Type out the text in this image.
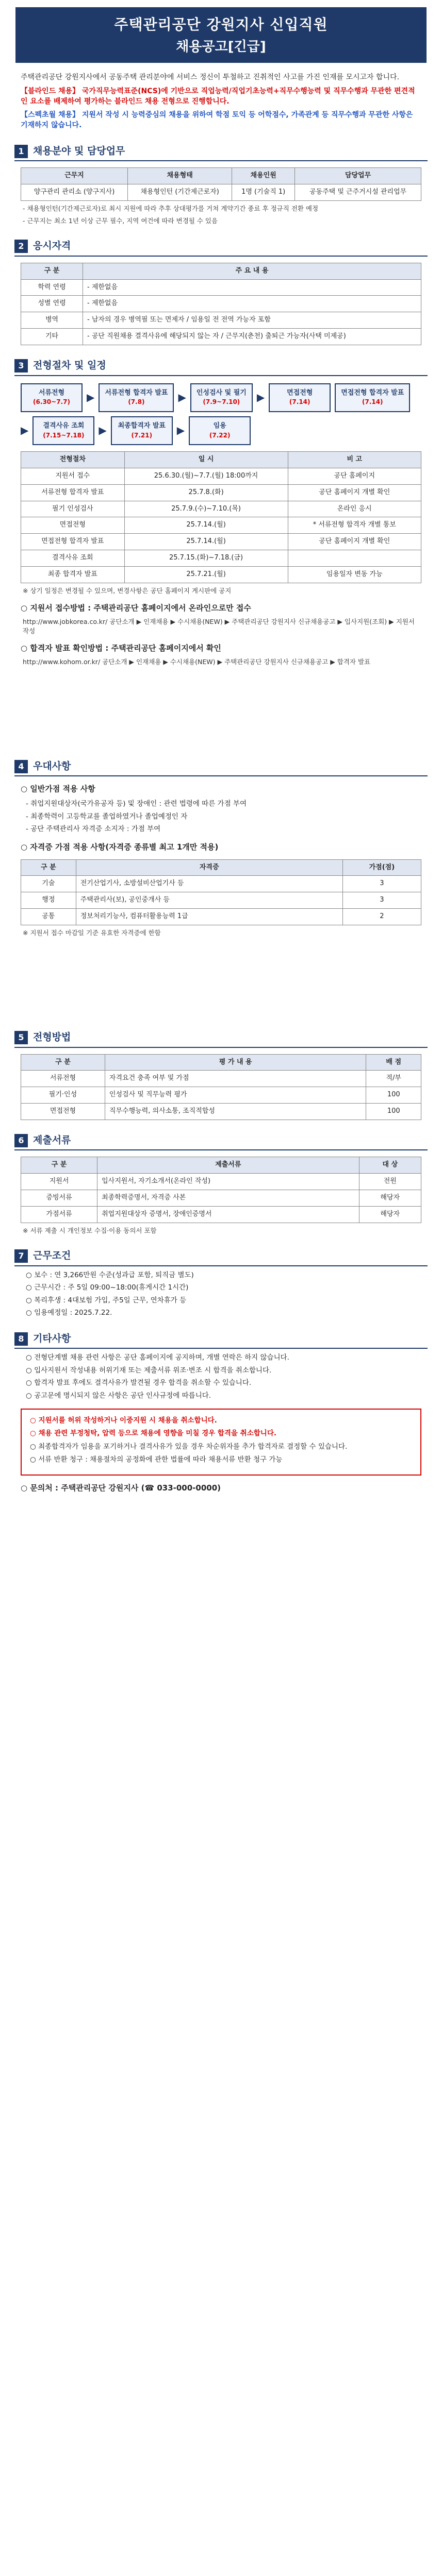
주택관리공단 강원지사 신입직원
채용공고[긴급]

주택관리공단 강원지사에서 공동주택 관리분야에 서비스 정신이 투철하고 진취적인 사고를 가진 인재를 모시고자 합니다.

【블라인드 채용】 국가직무능력표준(NCS)에 기반으로 직업능력/직업기초능력+직무수행능력 및 직무수행과 무관한 편견적인 요소를 배제하여 평가하는 블라인드 채용 전형으로 진행합니다.

【스펙초월 채용】 지원서 작성 시 능력중심의 채용을 위하여 학점 토익 등 어학점수, 가족관계 등 직무수행과 무관한 사항은 기재하지 않습니다.

1 채용분야 및 담당업무
근무지	채용형태	채용인원	담당업무
양구관리 관리소 (양구지사)	채용형인턴 (기간제근로자)	1명 (기술직 1)	공동주택 및 근주거시설 관리업무
- 채용형인턴(기간제근로자)로 최시 지원에 따라 추후 상대평가를 거쳐 계약기간 종료 후 정규직 전환 예정
- 근무지는 최소 1년 이상 근무 필수, 지역 여건에 따라 변경될 수 있음
2 응시자격
구 분	주 요 내 용
학력 연령	- 제한없음
성별 연령	- 제한없음
병역	- 남자의 경우 병역필 또는 면제자 / 임용일 전 전역 가능자 포함
기타	- 공단 직원채용 결격사유에 해당되지 않는 자 / 근무지(춘천) 출퇴근 가능자(사택 미제공)
3 전형절차 및 일정
서류전형
(6.30~7.7)	▶	서류전형 합격자 발표
(7.8)	▶	인성검사 및 필기
(7.9~7.10)	▶	면접전형
(7.14)
면접전형 합격자 발표
(7.14)
▶	결격사유 조회
(7.15~7.18)	▶	최종합격자 발표
(7.21)	▶	임용
(7.22)
전형절차	일 시	비 고
지원서 접수	25.6.30.(월)~7.7.(월) 18:00까지	공단 홈페이지
서류전형 합격자 발표	25.7.8.(화)	공단 홈페이지 개별 확인
필기 인성검사	25.7.9.(수)~7.10.(목)	온라인 응시
면접전형	25.7.14.(월)	* 서류전형 합격자 개별 통보
면접전형 합격자 발표	25.7.14.(월)	공단 홈페이지 개별 확인
결격사유 조회	25.7.15.(화)~7.18.(금)	
최종 합격자 발표	25.7.21.(월)	임용일자 변동 가능
※ 상기 일정은 변경될 수 있으며, 변경사항은 공단 홈페이지 게시판에 공지
○ 지원서 접수방법 : 주택관리공단 홈페이지에서 온라인으로만 접수
http://www.jobkorea.co.kr/ 공단소개 ▶ 인재채용 ▶ 수시채용(NEW) ▶ 주택관리공단 강원지사 신규채용공고 ▶ 입사지원(조회) ▶ 지원서 작성
○ 합격자 발표 확인방법 : 주택관리공단 홈페이지에서 확인
http://www.kohom.or.kr/ 공단소개 ▶ 인재채용 ▶ 수시채용(NEW) ▶ 주택관리공단 강원지사 신규채용공고 ▶ 합격자 발표
4 우대사항
○ 일반가점 적용 사항
- 취업지원대상자(국가유공자 등) 및 장애인 : 관련 법령에 따른 가점 부여
- 최종학력이 고등학교를 졸업하였거나 졸업예정인 자
- 공단 주택관리사 자격증 소지자 : 가점 부여
○ 자격증 가점 적용 사항(자격증 종류별 최고 1개만 적용)
구 분	자격증	가점(점)
기술	전기산업기사, 소방설비산업기사 등	3
행정	주택관리사(보), 공인중개사 등	3
공통	정보처리기능사, 컴퓨터활용능력 1급	2
※ 지원서 접수 마감일 기준 유효한 자격증에 한함
5 전형방법
구 분	평 가 내 용	배 점
서류전형	자격요건 충족 여부 및 가점	적/부
필기·인성	인성검사 및 직무능력 평가	100
면접전형	직무수행능력, 의사소통, 조직적합성	100
6 제출서류
구 분	제출서류	대 상
지원서	입사지원서, 자기소개서(온라인 작성)	전원
증빙서류	최종학력증명서, 자격증 사본	해당자
가점서류	취업지원대상자 증명서, 장애인증명서	해당자
※ 서류 제출 시 개인정보 수집·이용 동의서 포함
7 근무조건
○ 보수 : 연 3,266만원 수준(성과급 포함, 퇴직금 별도)
○ 근무시간 : 주 5일 09:00~18:00(휴게시간 1시간)
○ 복리후생 : 4대보험 가입, 주5일 근무, 연차휴가 등
○ 임용예정일 : 2025.7.22.
8 기타사항
○ 전형단계별 채용 관련 사항은 공단 홈페이지에 공지하며, 개별 연락은 하지 않습니다.
○ 입사지원서 작성내용 허위기재 또는 제출서류 위조·변조 시 합격을 취소합니다.
○ 합격자 발표 후에도 결격사유가 발견될 경우 합격을 취소할 수 있습니다.
○ 공고문에 명시되지 않은 사항은 공단 인사규정에 따릅니다.

○ 지원서를 허위 작성하거나 이중지원 시 채용을 취소합니다.

○ 채용 관련 부정청탁, 압력 등으로 채용에 영향을 미칠 경우 합격을 취소합니다.

○ 최종합격자가 임용을 포기하거나 결격사유가 있을 경우 차순위자를 추가 합격자로 결정할 수 있습니다.

○ 서류 반환 청구 : 채용절차의 공정화에 관한 법률에 따라 채용서류 반환 청구 가능

○ 문의처 : 주택관리공단 강원지사 (☎ 033-000-0000)
